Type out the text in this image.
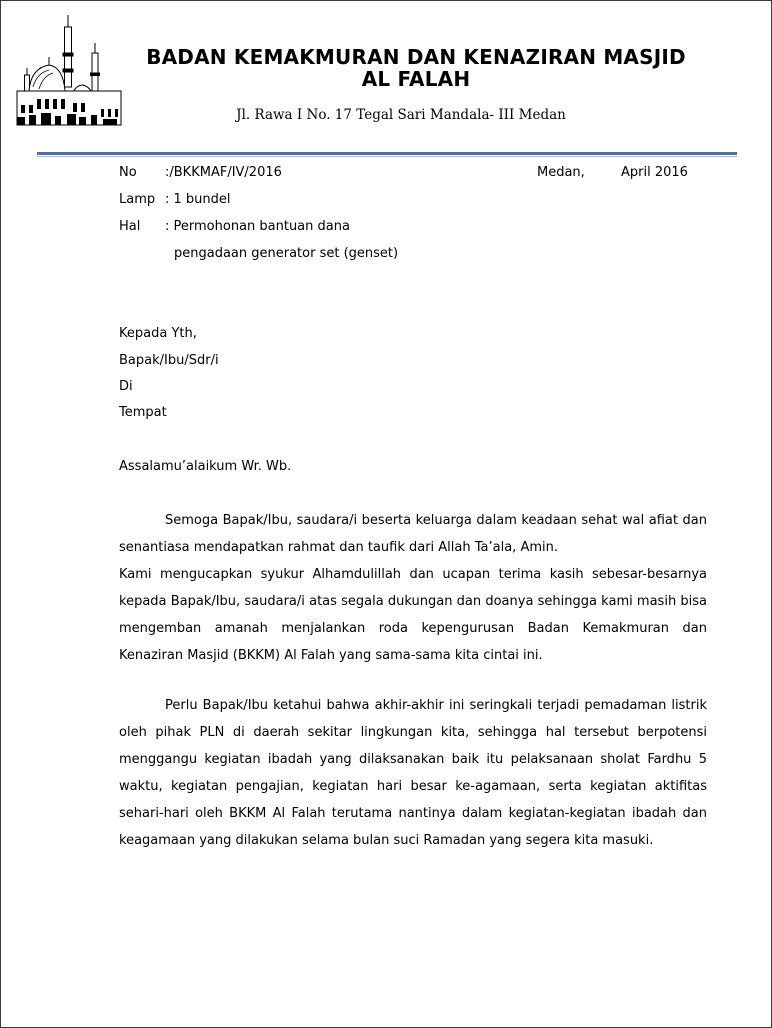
BADAN KEMAKMURAN DAN KENAZIRAN MASJID
AL FALAH
Jl. Rawa I No. 17 Tegal Sari Mandala- III Medan
No :/BKKMAF/IV/2016	Medan,	April 2016
Lamp : 1 bundel
Hal : Permohonan bantuan dana
pengadaan generator set (genset)
Kepada Yth,
Bapak/Ibu/Sdr/i
Di
Tempat
Assalamu’alaikum Wr. Wb.

Semoga Bapak/Ibu, saudara/i beserta keluarga dalam keadaan sehat wal afiat dan senantiasa mendapatkan rahmat dan taufik dari Allah Ta’ala, Amin.

Kami mengucapkan syukur Alhamdulillah dan ucapan terima kasih sebesar-besarnya kepada Bapak/Ibu, saudara/i atas segala dukungan dan doanya sehingga kami masih bisa mengemban amanah menjalankan roda kepengurusan Badan Kemakmuran dan Kenaziran Masjid (BKKM) Al Falah yang sama-sama kita cintai ini.

Perlu Bapak/Ibu ketahui bahwa akhir-akhir ini seringkali terjadi pemadaman listrik oleh pihak PLN di daerah sekitar lingkungan kita, sehingga hal tersebut berpotensi menggangu kegiatan ibadah yang dilaksanakan baik itu pelaksanaan sholat Fardhu 5 waktu, kegiatan pengajian, kegiatan hari besar ke-agamaan, serta kegiatan aktifitas sehari-hari oleh BKKM Al Falah terutama nantinya dalam kegiatan-kegiatan ibadah dan keagamaan yang dilakukan selama bulan suci Ramadan yang segera kita masuki.
